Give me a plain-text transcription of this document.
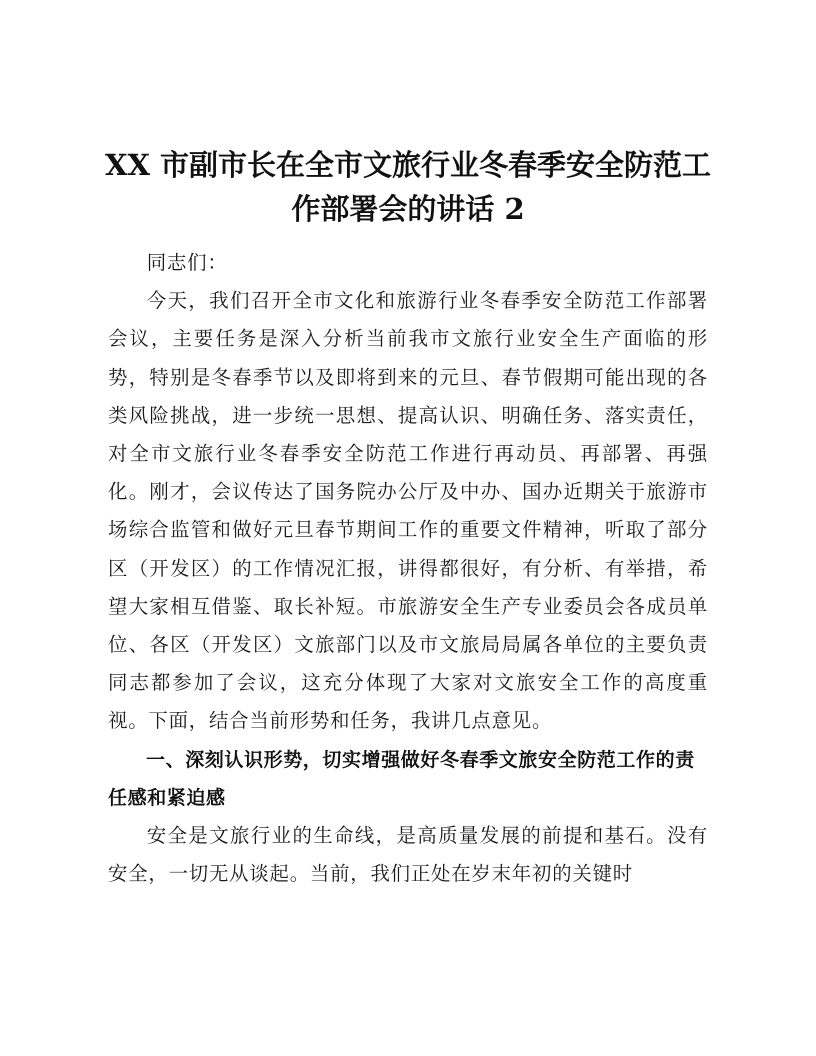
XX 市副市长在全市文旅行业冬春季安全防范工作部署会的讲话 2

同志们：

今天，我们召开全市文化和旅游行业冬春季安全防范工作部署会议，主要任务是深入分析当前我市文旅行业安全生产面临的形势，特别是冬春季节以及即将到来的元旦、春节假期可能出现的各类风险挑战，进一步统一思想、提高认识、明确任务、落实责任，对全市文旅行业冬春季安全防范工作进行再动员、再部署、再强化。刚才，会议传达了国务院办公厅及中办、国办近期关于旅游市场综合监管和做好元旦春节期间工作的重要文件精神，听取了部分区（开发区）的工作情况汇报，讲得都很好，有分析、有举措，希望大家相互借鉴、取长补短。市旅游安全生产专业委员会各成员单位、各区（开发区）文旅部门以及市文旅局局属各单位的主要负责同志都参加了会议，这充分体现了大家对文旅安全工作的高度重视。下面，结合当前形势和任务，我讲几点意见。

一、深刻认识形势，切实增强做好冬春季文旅安全防范工作的责任感和紧迫感

安全是文旅行业的生命线，是高质量发展的前提和基石。没有安全，一切无从谈起。当前，我们正处在岁末年初的关键时
